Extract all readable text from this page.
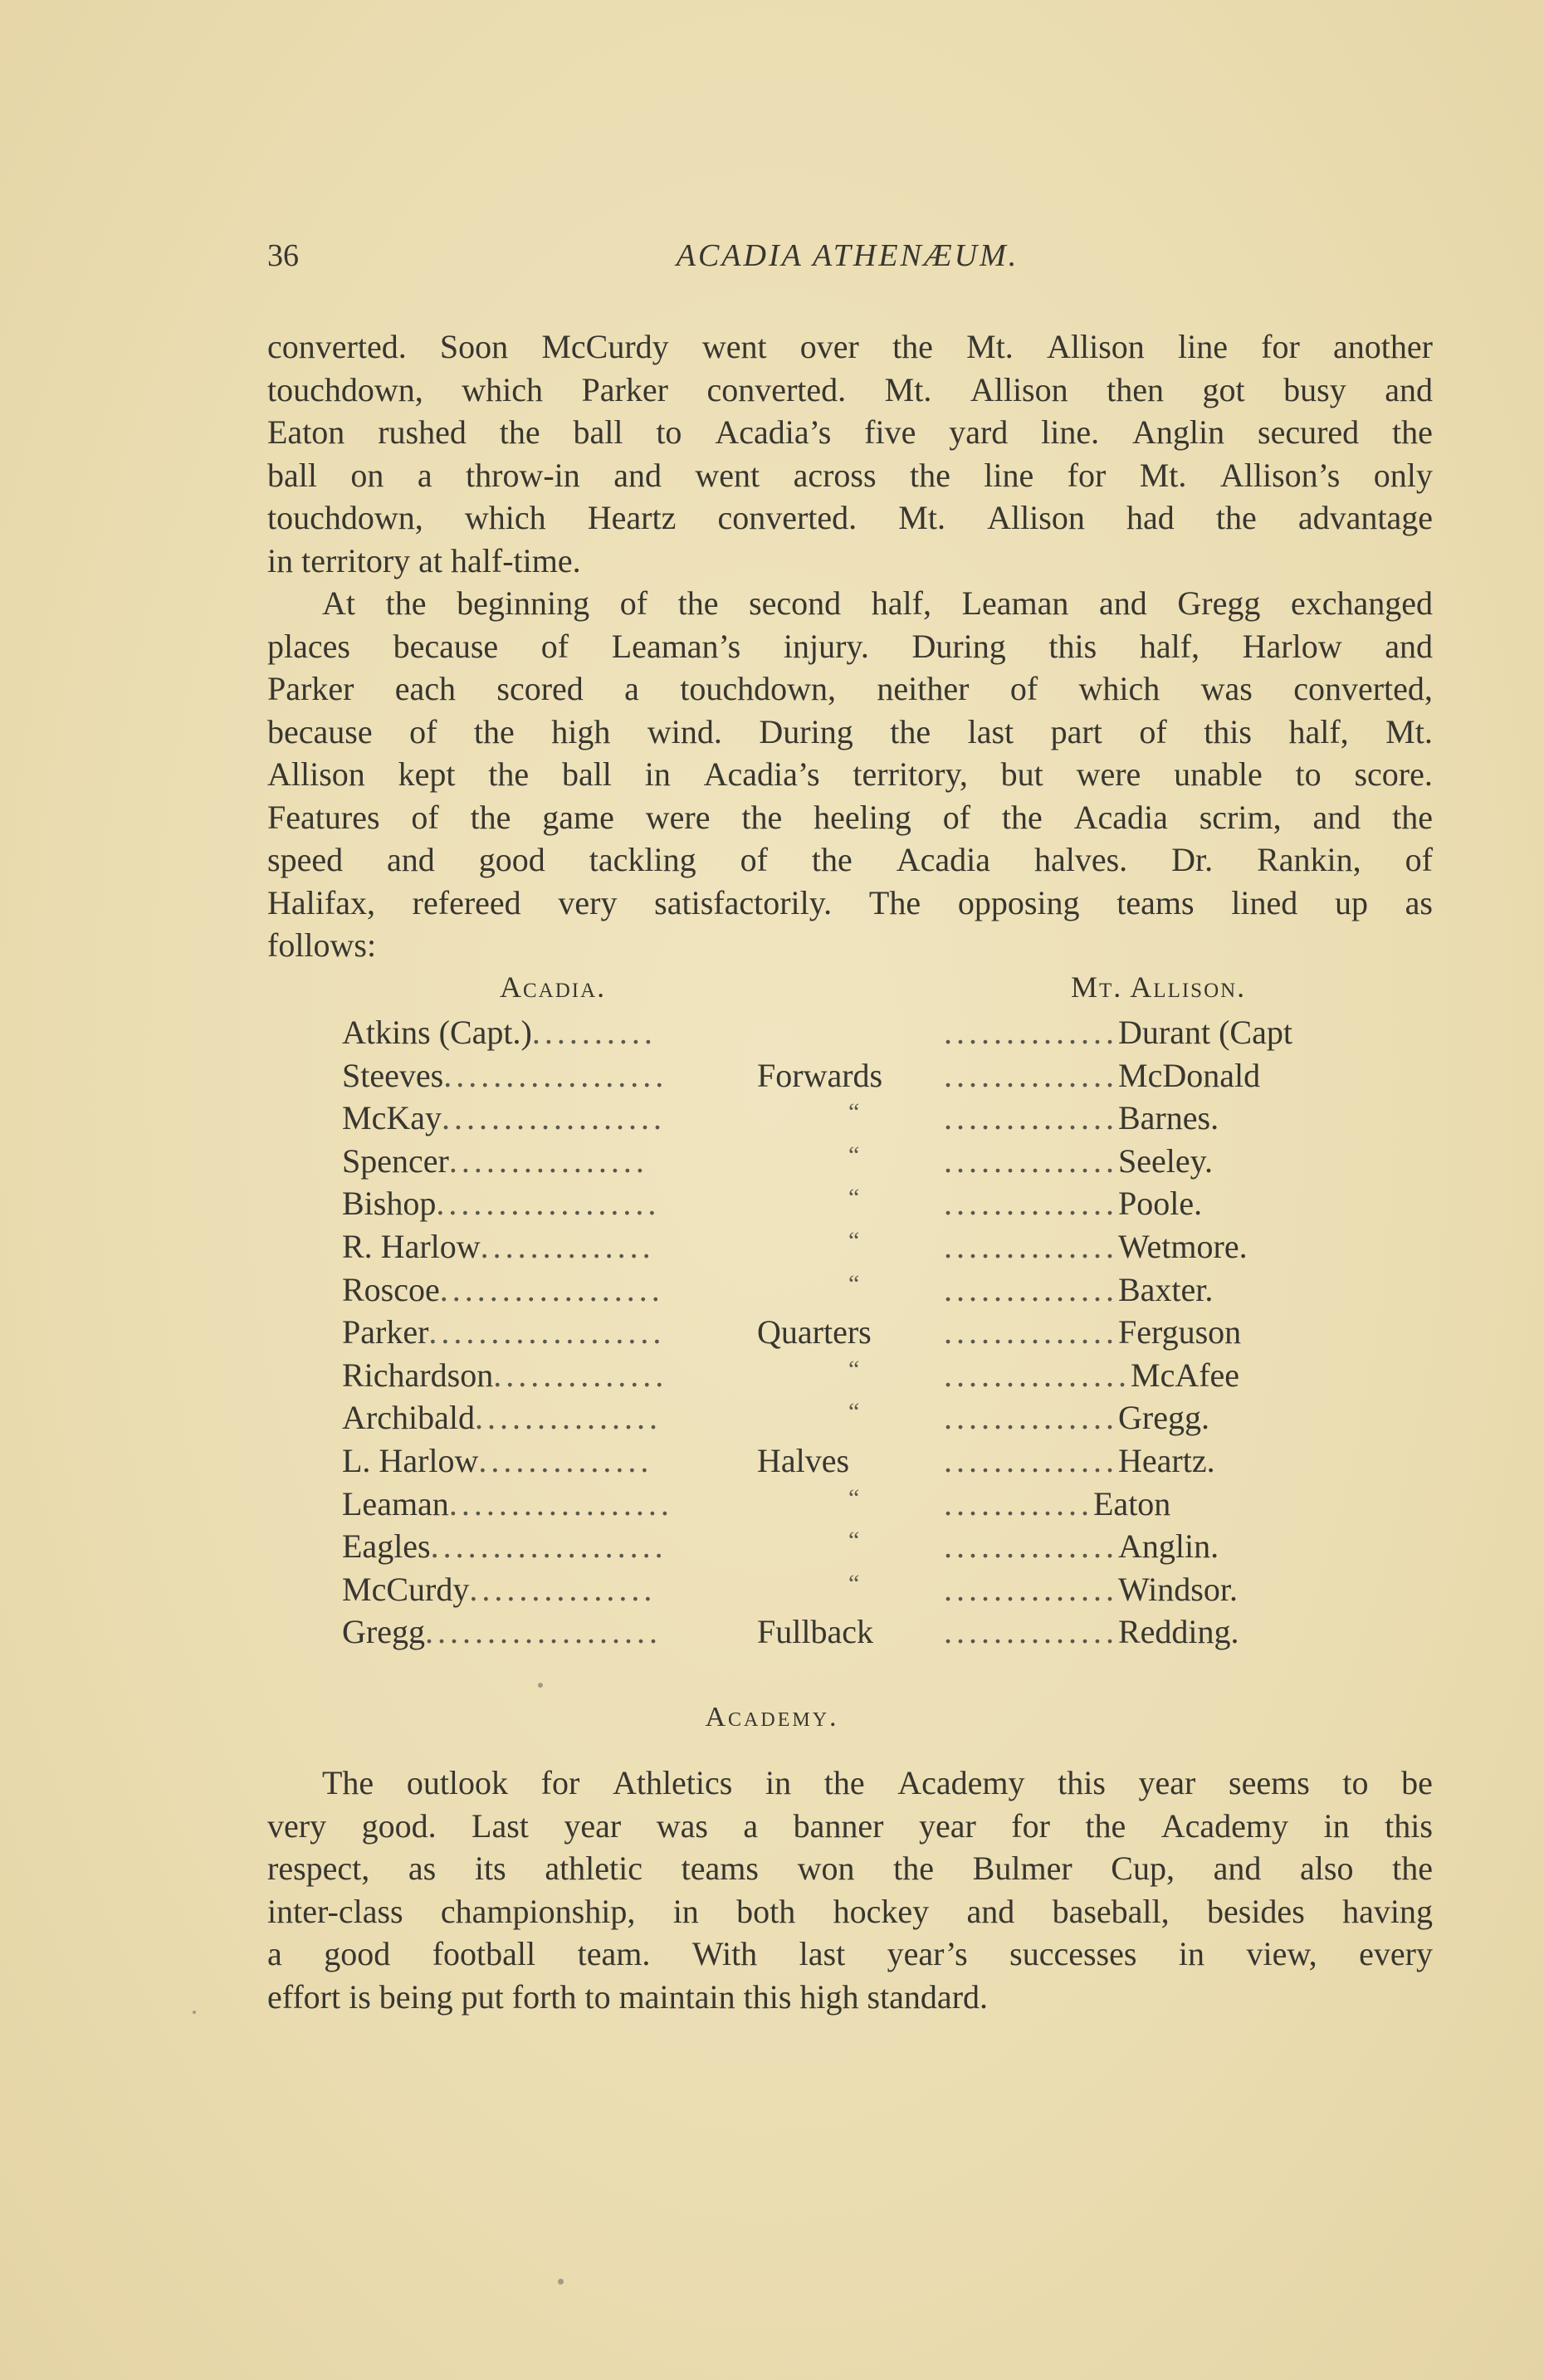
36	ACADIA ATHENÆUM.
converted. Soon McCurdy went over the Mt. Allison line for another
touchdown, which Parker converted. Mt. Allison then got busy and
Eaton rushed the ball to Acadia’s five yard line. Anglin secured the
ball on a throw-in and went across the line for Mt. Allison’s only
touchdown, which Heartz converted. Mt. Allison had the advantage
in territory at half-time.
At the beginning of the second half, Leaman and Gregg exchanged
places because of Leaman’s injury. During this half, Harlow and
Parker each scored a touchdown, neither of which was converted,
because of the high wind. During the last part of this half, Mt.
Allison kept the ball in Acadia’s territory, but were unable to score.
Features of the game were the heeling of the Acadia scrim, and the
speed and good tackling of the Acadia halves. Dr. Rankin, of
Halifax, refereed very satisfactorily. The opposing teams lined up as
follows:
Acadia.	Mt. Allison.
Atkins (Capt.)..........	..............Durant (Capt
Steeves..................	Forwards	..............McDonald
McKay..................	“	..............Barnes.
Spencer................	“	..............Seeley.
Bishop..................	“	..............Poole.
R. Harlow..............	“	..............Wetmore.
Roscoe..................	“	..............Baxter.
Parker...................	Quarters	..............Ferguson
Richardson..............	“	...............McAfee
Archibald...............	“	..............Gregg.
L. Harlow..............	Halves	..............Heartz.
Leaman..................	“	............Eaton
Eagles...................	“	..............Anglin.
McCurdy...............	“	..............Windsor.
Gregg...................	Fullback	..............Redding.
Academy.
The outlook for Athletics in the Academy this year seems to be
very good. Last year was a banner year for the Academy in this
respect, as its athletic teams won the Bulmer Cup, and also the
inter-class championship, in both hockey and baseball, besides having
a good football team. With last year’s successes in view, every
effort is being put forth to maintain this high standard.
